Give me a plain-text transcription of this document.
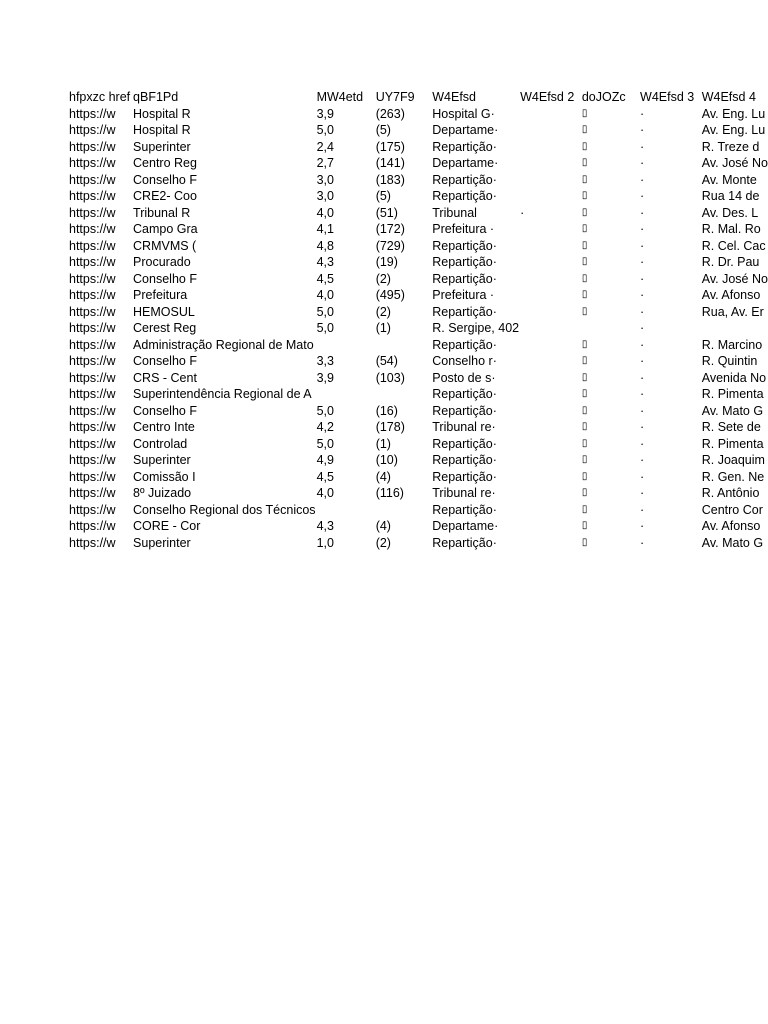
hfpxzc href	qBF1Pd	MW4etd	UY7F9	W4Efsd	W4Efsd 2	doJOZc	W4Efsd 3	W4Efsd 4
https://w	Hospital R	3,9	(263)	Hospital G·		▯	·	Av. Eng. Lu
https://w	Hospital R	5,0	(5)	Departame·		▯	·	Av. Eng. Lu
https://w	Superinter	2,4	(175)	Repartição·		▯	·	R. Treze d
https://w	Centro Reg	2,7	(141)	Departame·		▯	·	Av. José No
https://w	Conselho F	3,0	(183)	Repartição·		▯	·	Av. Monte
https://w	CRE2- Coo	3,0	(5)	Repartição·		▯	·	Rua 14 de
https://w	Tribunal R	4,0	(51)	Tribunal	·	▯	·	Av. Des. L
https://w	Campo Gra	4,1	(172)	Prefeitura ·		▯	·	R. Mal. Ro
https://w	CRMVMS (	4,8	(729)	Repartição·		▯	·	R. Cel. Cac
https://w	Procurado	4,3	(19)	Repartição·		▯	·	R. Dr. Pau
https://w	Conselho F	4,5	(2)	Repartição·		▯	·	Av. José No
https://w	Prefeitura	4,0	(495)	Prefeitura ·		▯	·	Av. Afonso
https://w	HEMOSUL	5,0	(2)	Repartição·		▯	·	Rua, Av. Er
https://w	Cerest Reg	5,0	(1)	R. Sergipe, 402			·	
https://w	Administração Regional de Mato			Repartição·		▯	·	R. Marcino
https://w	Conselho F	3,3	(54)	Conselho r·		▯	·	R. Quintin
https://w	CRS - Cent	3,9	(103)	Posto de s·		▯	·	Avenida No
https://w	Superintendência Regional de A			Repartição·		▯	·	R. Pimenta
https://w	Conselho F	5,0	(16)	Repartição·		▯	·	Av. Mato G
https://w	Centro Inte	4,2	(178)	Tribunal re·		▯	·	R. Sete de
https://w	Controlad	5,0	(1)	Repartição·		▯	·	R. Pimenta
https://w	Superinter	4,9	(10)	Repartição·		▯	·	R. Joaquim
https://w	Comissão I	4,5	(4)	Repartição·		▯	·	R. Gen. Ne
https://w	8º Juizado	4,0	(116)	Tribunal re·		▯	·	R. Antônio
https://w	Conselho Regional dos Técnicos			Repartição·		▯	·	Centro Cor
https://w	CORE - Cor	4,3	(4)	Departame·		▯	·	Av. Afonso
https://w	Superinter	1,0	(2)	Repartição·		▯	·	Av. Mato G
